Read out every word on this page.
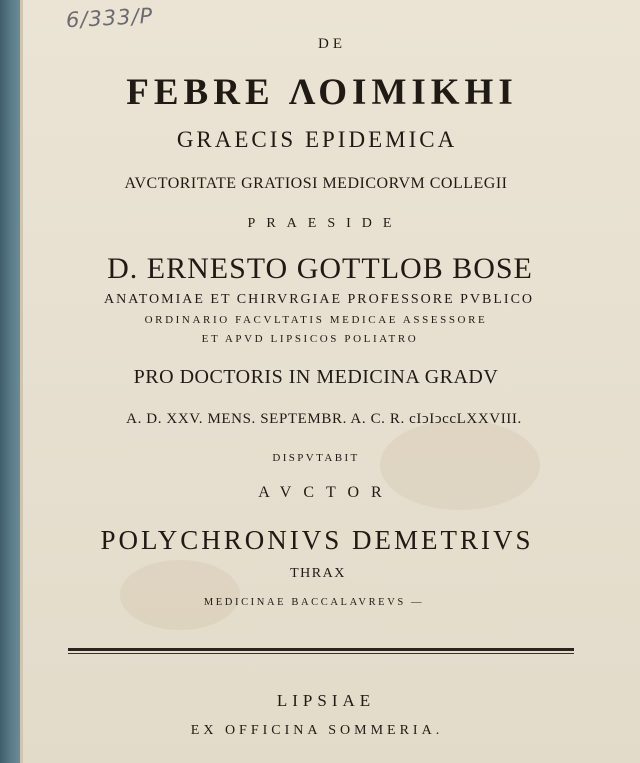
6/333/P
DE
FEBRE ΛΟΙΜΙΚΗΙ
GRAECIS EPIDEMICA
AVCTORITATE GRATIOSI MEDICORVM COLLEGII
PRAESIDE
D. ERNESTO GOTTLOB BOSE
ANATOMIAE ET CHIRVRGIAE PROFESSORE PVBLICO
ORDINARIO FACVLTATIS MEDICAE ASSESSORE
ET APVD LIPSICOS POLIATRO
PRO DOCTORIS IN MEDICINA GRADV
A. D. XXV. MENS. SEPTEMBR. A. C. R. cIↄIↄccLXXVIII.
DISPVTABIT
AVCTOR
POLYCHRONIVS DEMETRIVS
THRAX
MEDICINAE BACCALAVREVS —
LIPSIAE
EX OFFICINA SOMMERIA.
